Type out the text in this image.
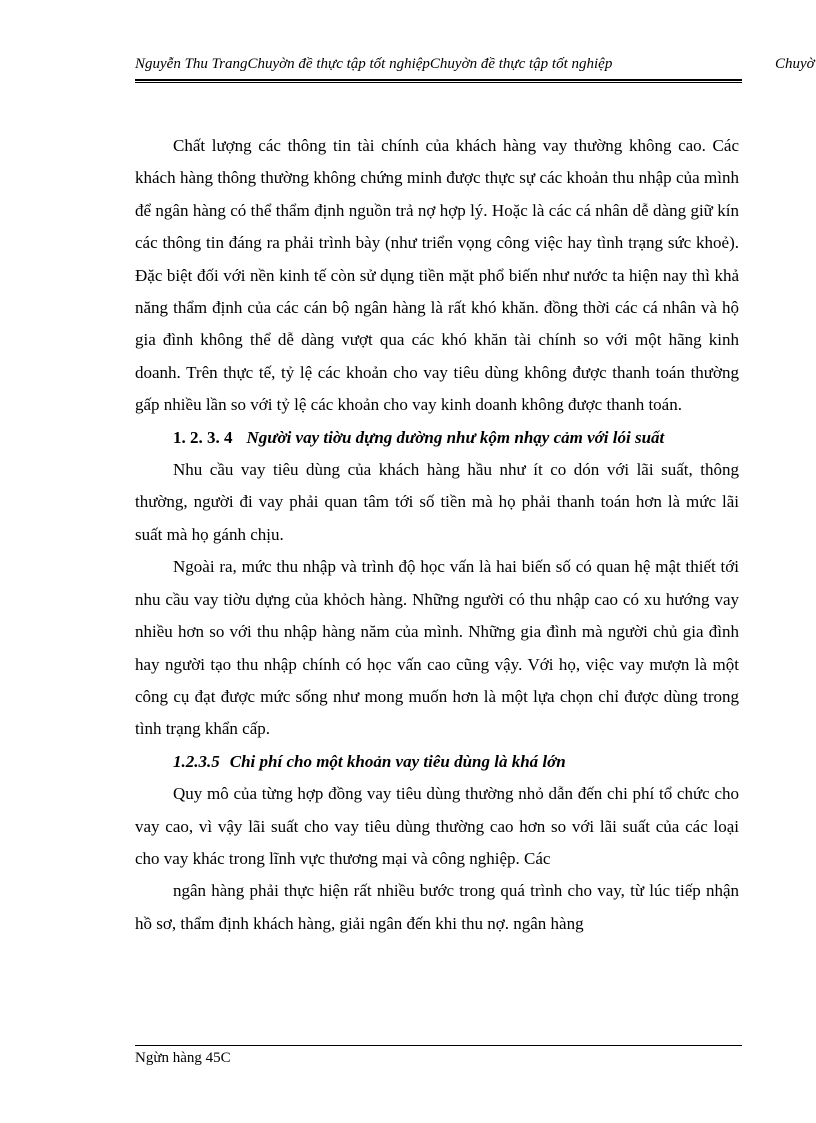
Nguyễn Thu TrangChuyờn đề thực tập tốt nghiệpChuyờn đề thực tập tốt nghiệp	Chuyờ

Chất lượng các thông tin tài chính của khách hàng vay thường không cao. Các khách hàng thông thường không chứng minh được thực sự các khoản thu nhập của mình để ngân hàng có thể thẩm định nguồn trả nợ hợp lý. Hoặc là các cá nhân dễ dàng giữ kín các thông tin đáng ra phải trình bày (như triển vọng công việc hay tình trạng sức khoẻ). Đặc biệt đối với nền kinh tế còn sử dụng tiền mặt phổ biến như nước ta hiện nay thì khả năng thẩm định của các cán bộ ngân hàng là rất khó khăn. đồng thời các cá nhân và hộ gia đình không thể dễ dàng vượt qua các khó khăn tài chính so với một hãng kinh doanh. Trên thực tế, tỷ lệ các khoản cho vay tiêu dùng không được thanh toán thường gấp nhiều lần so với tỷ lệ các khoản cho vay kinh doanh không được thanh toán.

1. 2. 3. 4 Người vay tiờu dựng dường như kộm nhạy cảm với lói suất

Nhu cầu vay tiêu dùng của khách hàng hầu như ít co dón với lãi suất, thông thường, người đi vay phải quan tâm tới số tiền mà họ phải thanh toán hơn là mức lãi suất mà họ gánh chịu.

Ngoài ra, mức thu nhập và trình độ học vấn là hai biến số có quan hệ mật thiết tới nhu cầu vay tiờu dựng của khỏch hàng. Những người có thu nhập cao có xu hướng vay nhiều hơn so với thu nhập hàng năm của mình. Những gia đình mà người chủ gia đình hay người tạo thu nhập chính có học vấn cao cũng vậy. Với họ, việc vay mượn là một công cụ đạt được mức sống như mong muốn hơn là một lựa chọn chỉ được dùng trong tình trạng khẩn cấp.

1.2.3.5 Chi phí cho một khoản vay tiêu dùng là khá lớn

Quy mô của từng hợp đồng vay tiêu dùng thường nhỏ dẫn đến chi phí tổ chức cho vay cao, vì vậy lãi suất cho vay tiêu dùng thường cao hơn so với lãi suất của các loại cho vay khác trong lĩnh vực thương mại và công nghiệp. Các

ngân hàng phải thực hiện rất nhiều bước trong quá trình cho vay, từ lúc tiếp nhận hồ sơ, thẩm định khách hàng, giải ngân đến khi thu nợ. ngân hàng

Ngừn hàng 45C
